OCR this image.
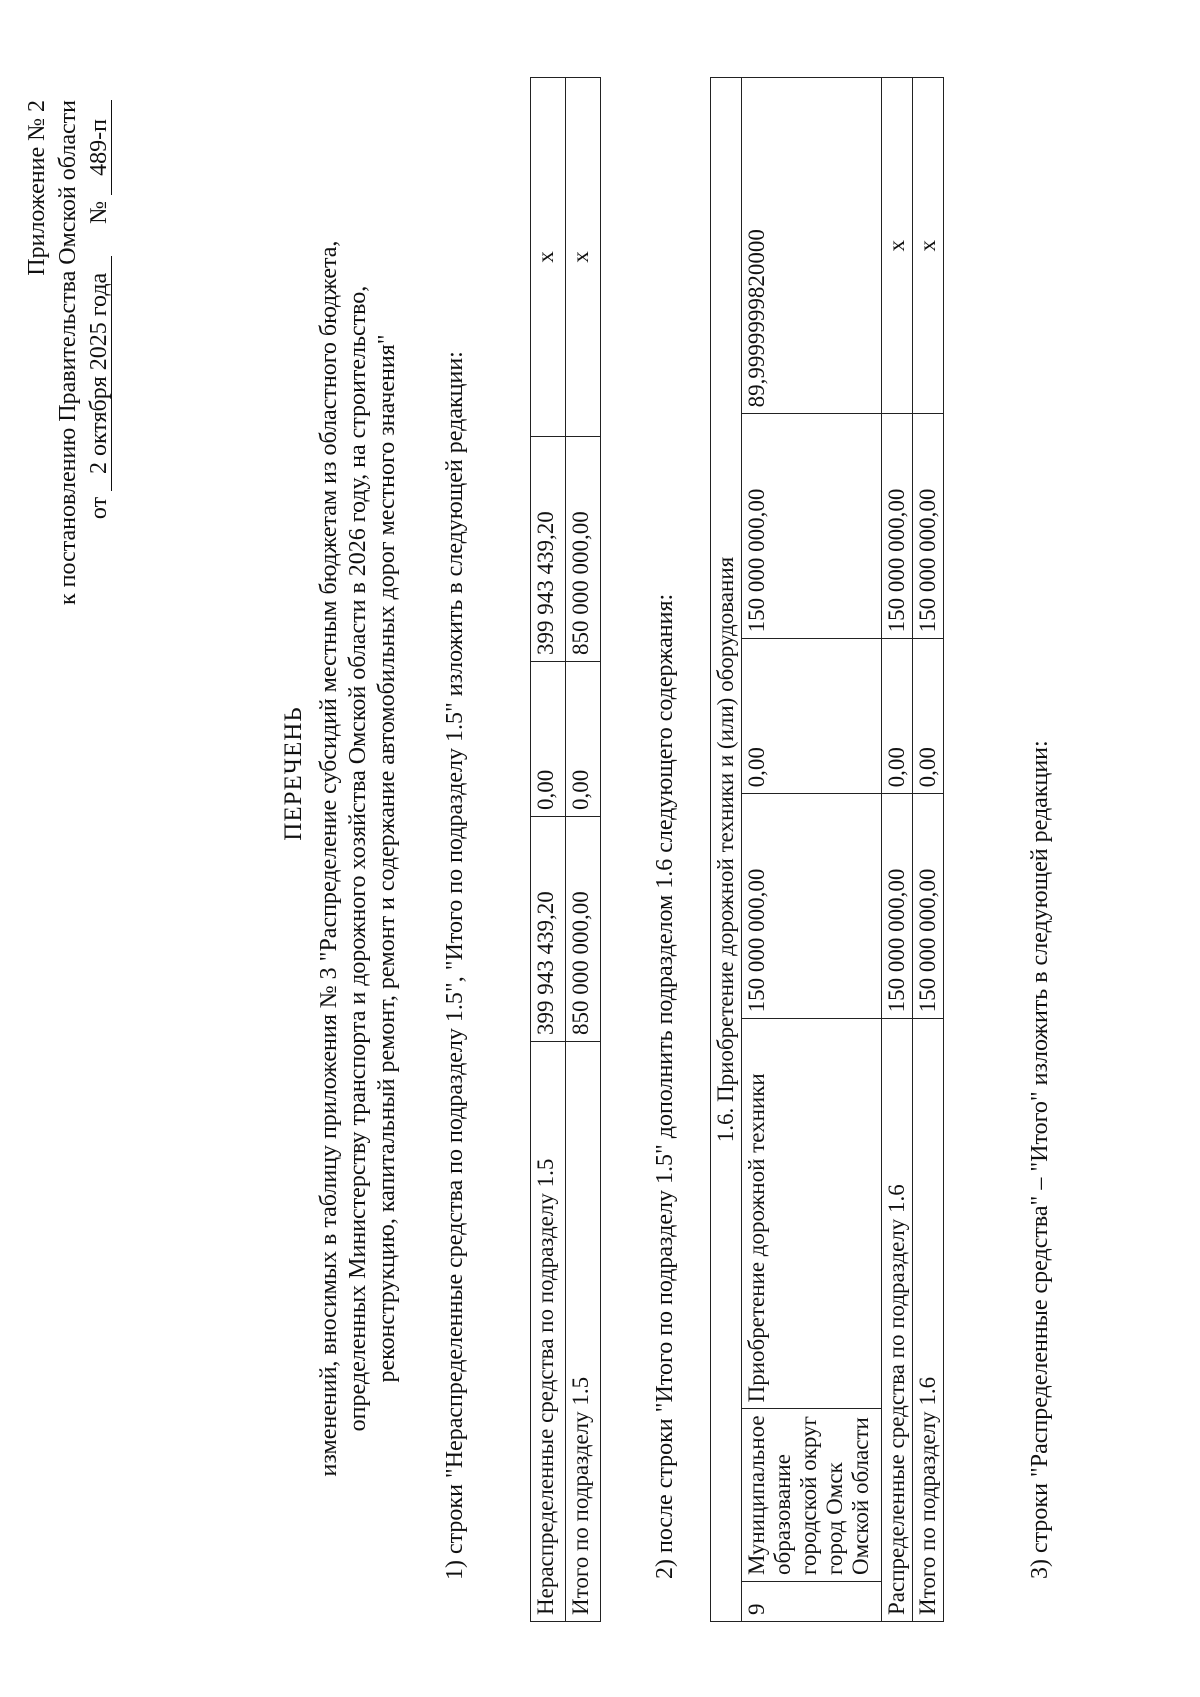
Приложение № 2 к постановлению Правительства Омской области от 2 октября 2025 года  № 489-п
ПЕРЕЧЕНЬ изменений, вносимых в таблицу приложения № 3 "Распределение субсидий местным бюджетам из областного бюджета, определенных Министерству транспорта и дорожного хозяйства Омской области в 2026 году, на строительство, реконструкцию, капитальный ремонт, ремонт и содержание автомобильных дорог местного значения" 1) строки "Нераспределенные средства по подразделу 1.5", "Итого по подразделу 1.5" изложить в следующей редакции:	Нераспределенные средства по подразделу 1.5	399 943 439,20	0,00	399 943 439,20	х
Итого по подразделу 1.5	850 000 000,00	0,00	850 000 000,00	х
2) после строки "Итого по подразделу 1.5" дополнить подразделом 1.6 следующего содержания: 1.6. Приобретение дорожной техники и (или) оборудования						
9	Муниципальное образование городской округ город Омск Омской области	Приобретение дорожной техники	150 000 000,00	0,00	150 000 000,00	89,9999999820000
Распределенные средства по подразделу 1.6			150 000 000,00	0,00	150 000 000,00	х
Итого по подразделу 1.6			150 000 000,00	0,00	150 000 000,00	х
3) строки "Распределенные средства" – "Итого" изложить в следующей редакции:
